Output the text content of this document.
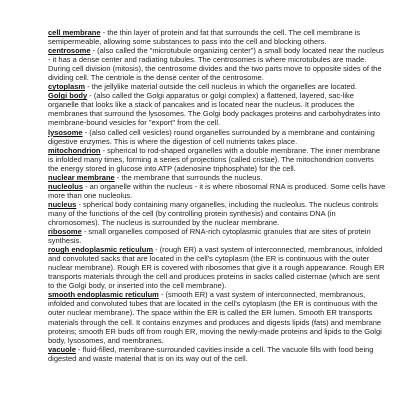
cell membrane - the thin layer of protein and fat that surrounds the cell. The cell membrane is semipermeable, allowing some substances to pass into the cell and blocking others.

centrosome - (also called the "microtubule organizing center") a small body located near the nucleus - it has a dense center and radiating tubules. The centrosomes is where microtubules are made. During cell division (mitosis), the centrosome divides and the two parts move to opposite sides of the dividing cell. The centriole is the dense center of the centrosome.

cytoplasm - the jellylike material outside the cell nucleus in which the organelles are located.

Golgi body - (also called the Golgi apparatus or golgi complex) a flattened, layered, sac-like organelle that looks like a stack of pancakes and is located near the nucleus. It produces the membranes that surround the lysosomes. The Golgi body packages proteins and carbohydrates into membrane-bound vesicles for "export" from the cell.

lysosome - (also called cell vesicles) round organelles surrounded by a membrane and containing digestive enzymes. This is where the digestion of cell nutrients takes place.

mitochondrion - spherical to rod-shaped organelles with a double membrane. The inner membrane is infolded many times, forming a series of projections (called cristae). The mitochondrion converts the energy stored in glucose into ATP (adenosine triphosphate) for the cell.

nuclear membrane - the membrane that surrounds the nucleus.

nucleolus - an organelle within the nucleus - it is where ribosomal RNA is produced. Some cells have more than one nucleolus.

nucleus - spherical body containing many organelles, including the nucleolus. The nucleus controls many of the functions of the cell (by controlling protein synthesis) and contains DNA (in chromosomes). The nucleus is surrounded by the nuclear membrane.

ribosome - small organelles composed of RNA-rich cytoplasmic granules that are sites of protein synthesis.

rough endoplasmic reticulum - (rough ER) a vast system of interconnected, membranous, infolded and convoluted sacks that are located in the cell's cytoplasm (the ER is continuous with the outer nuclear membrane). Rough ER is covered with ribosomes that give it a rough appearance. Rough ER transports materials through the cell and produces proteins in sacks called cisternae (which are sent to the Golgi body, or inserted into the cell membrane).

smooth endoplasmic reticulum - (smooth ER) a vast system of interconnected, membranous, infolded and convoluted tubes that are located in the cell's cytoplasm (the ER is continuous with the outer nuclear membrane). The space within the ER is called the ER lumen. Smooth ER transports materials through the cell. It contains enzymes and produces and digests lipids (fats) and membrane proteins; smooth ER buds off from rough ER, moving the newly-made proteins and lipids to the Golgi body, lysosomes, and membranes.

vacuole - fluid-filled, membrane-surrounded cavities inside a cell. The vacuole fills with food being digested and waste material that is on its way out of the cell.
